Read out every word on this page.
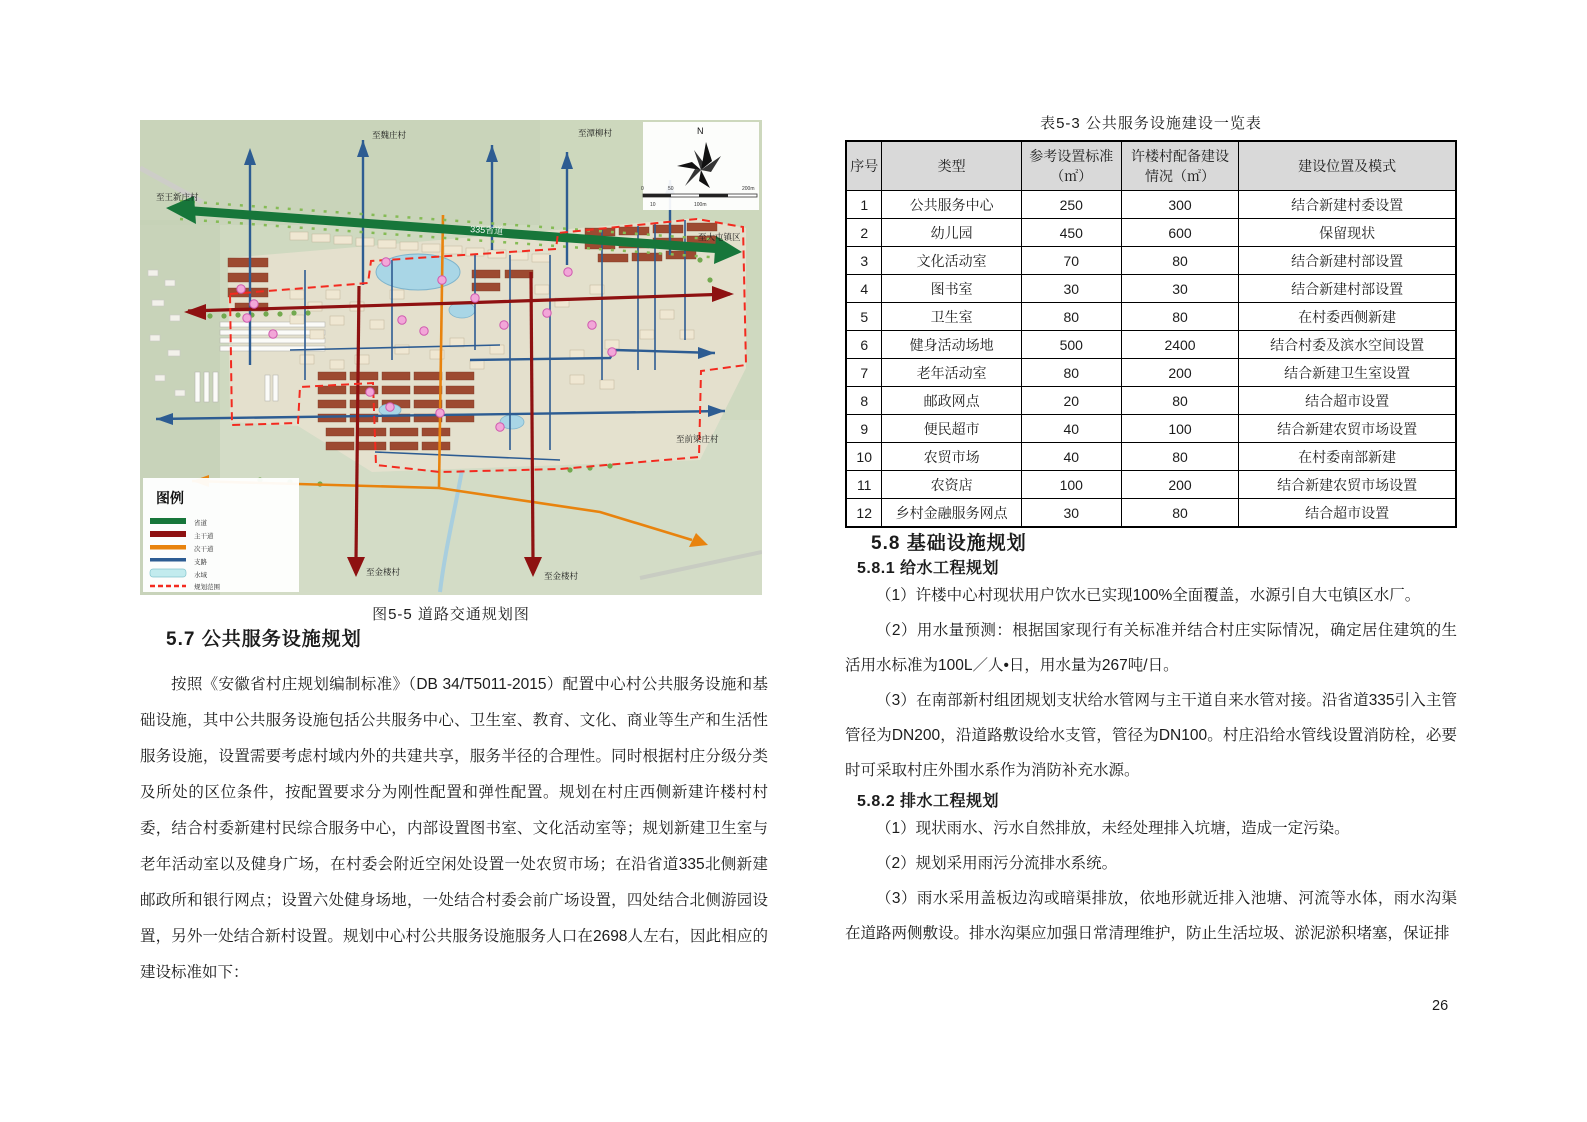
335省道
至魏庄村	至潭柳村
至王新庄村
至大屯镇区
至前梁庄村
至金楼村	至金楼村
N
0	50	200m
10	100m
图例
省道
主干道
次干道
支路
水域
规划范围
图5-5 道路交通规划图
5.7 公共服务设施规划

按照《安徽省村庄规划编制标准》（DB 34/T5011-2015）配置中心村公共服务设施和基础设施，其中公共服务设施包括公共服务中心、卫生室、教育、文化、商业等生产和生活性服务设施，设置需要考虑村域内外的共建共享，服务半径的合理性。同时根据村庄分级分类及所处的区位条件，按配置要求分为刚性配置和弹性配置。规划在村庄西侧新建许楼村村委，结合村委新建村民综合服务中心，内部设置图书室、文化活动室等；规划新建卫生室与老年活动室以及健身广场，在村委会附近空闲处设置一处农贸市场；在沿省道335北侧新建邮政所和银行网点；设置六处健身场地，一处结合村委会前广场设置，四处结合北侧游园设置，另外一处结合新村设置。规划中心村公共服务设施服务人口在2698人左右，因此相应的建设标准如下：

表5-3 公共服务设施建设一览表
序号	类型	参考设置标准（㎡）	许楼村配备建设情况（㎡）	建设位置及模式
1	公共服务中心	250	300	结合新建村委设置
2	幼儿园	450	600	保留现状
3	文化活动室	70	80	结合新建村部设置
4	图书室	30	30	结合新建村部设置
5	卫生室	80	80	在村委西侧新建
6	健身活动场地	500	2400	结合村委及滨水空间设置
7	老年活动室	80	200	结合新建卫生室设置
8	邮政网点	20	80	结合超市设置
9	便民超市	40	100	结合新建农贸市场设置
10	农贸市场	40	80	在村委南部新建
11	农资店	100	200	结合新建农贸市场设置
12	乡村金融服务网点	30	80	结合超市设置
5.8 基础设施规划
5.8.1 给水工程规划

（1）许楼中心村现状用户饮水已实现100%全面覆盖，水源引自大屯镇区水厂。

（2）用水量预测：根据国家现行有关标准并结合村庄实际情况，确定居住建筑的生活用水标准为100L／人•日，用水量为267吨/日。

（3）在南部新村组团规划支状给水管网与主干道自来水管对接。沿省道335引入主管管径为DN200，沿道路敷设给水支管，管径为DN100。村庄沿给水管线设置消防栓，必要时可采取村庄外围水系作为消防补充水源。

5.8.2 排水工程规划

（1）现状雨水、污水自然排放，未经处理排入坑塘，造成一定污染。

（2）规划采用雨污分流排水系统。

（3）雨水采用盖板边沟或暗渠排放，依地形就近排入池塘、河流等水体，雨水沟渠在道路两侧敷设。排水沟渠应加强日常清理维护，防止生活垃圾、淤泥淤积堵塞，保证排

26
